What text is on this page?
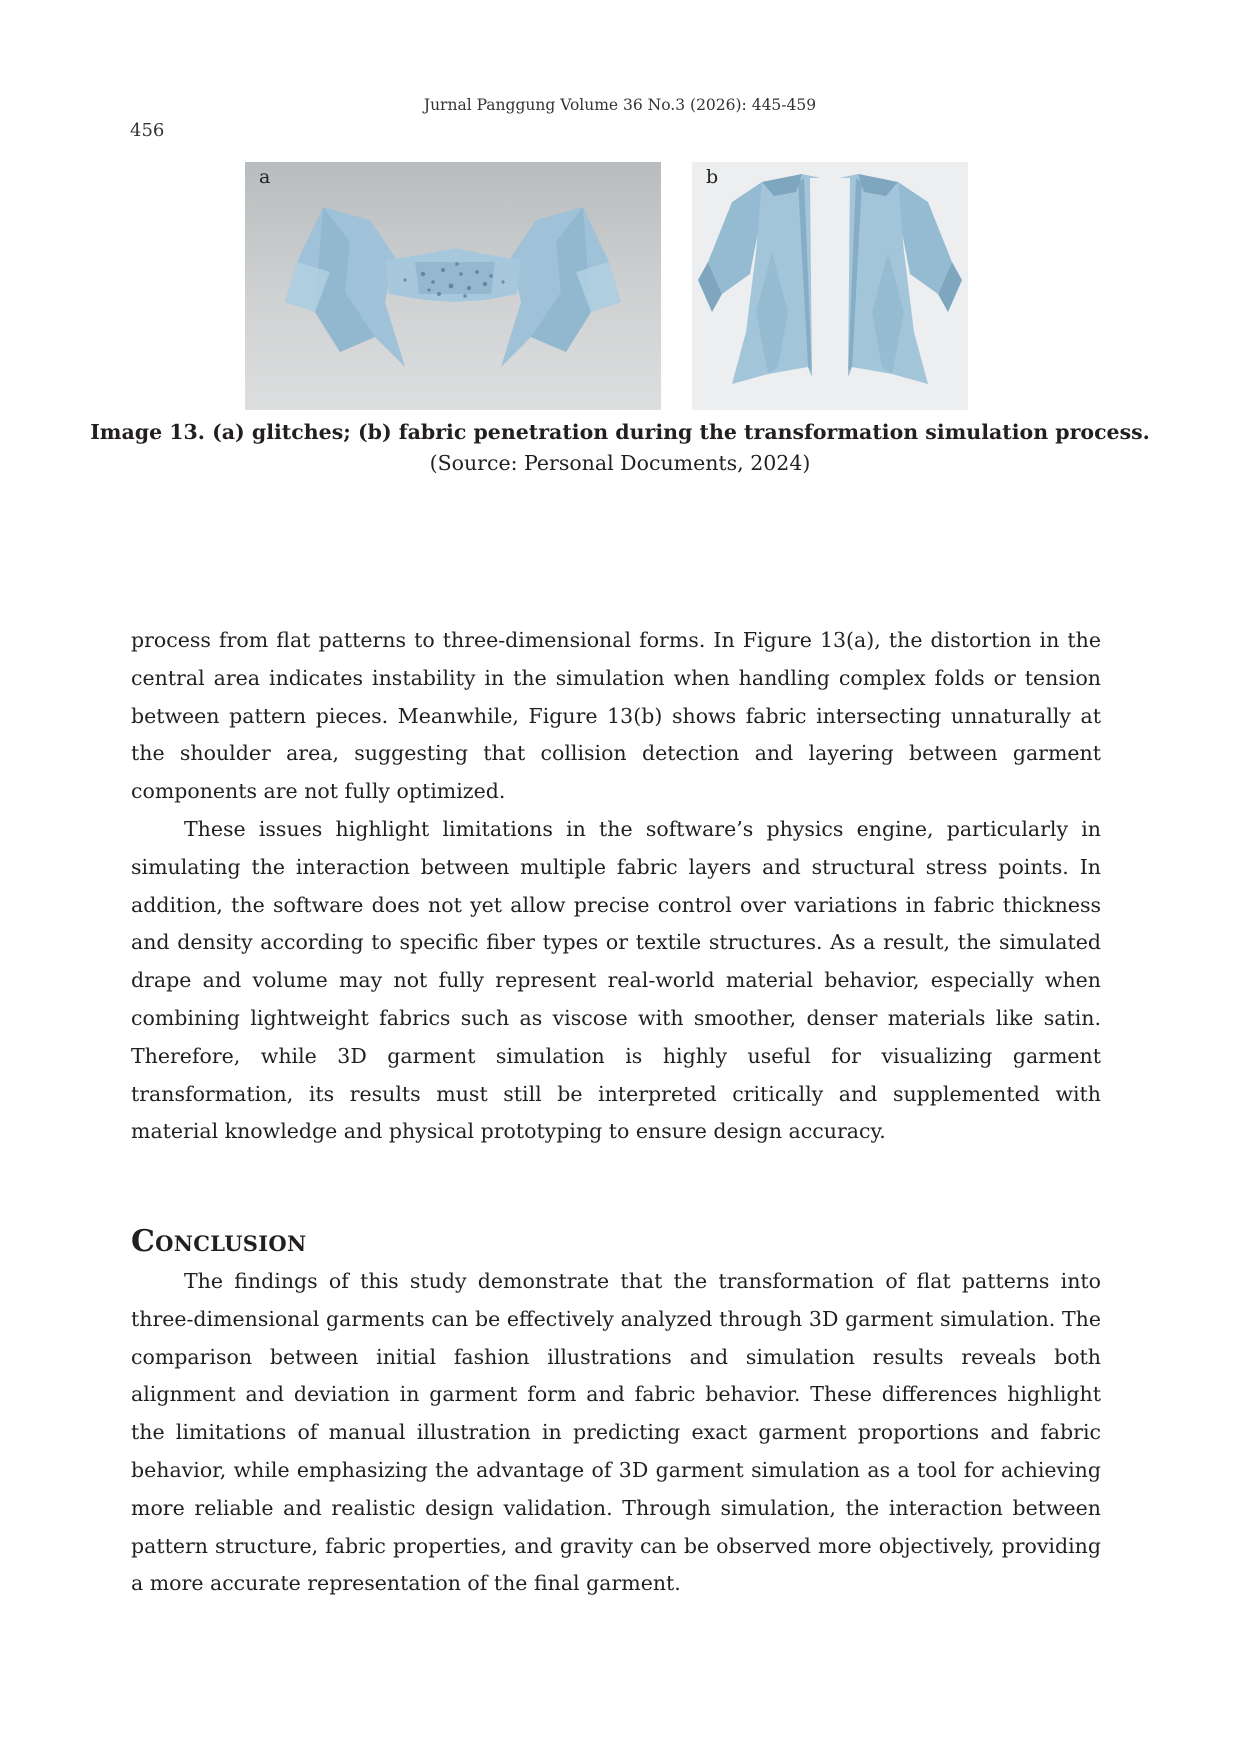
Jurnal Panggung Volume 36 No.3 (2026): 445-459
456
a	b
Image 13. (a) glitches; (b) fabric penetration during the transformation simulation process.
(Source: Personal Documents, 2024)

process from flat patterns to three-dimensional forms. In Figure 13(a), the distortion in the central area indicates instability in the simulation when handling complex folds or tension between pattern pieces. Meanwhile, Figure 13(b) shows fabric intersecting unnaturally at the shoulder area, suggesting that collision detection and layering between garment components are not fully optimized.

These issues highlight limitations in the software’s physics engine, particularly in simulating the interaction between multiple fabric layers and structural stress points. In addition, the software does not yet allow precise control over variations in fabric thickness and density according to specific fiber types or textile structures. As a result, the simulated drape and volume may not fully represent real-world material behavior, especially when combining lightweight fabrics such as viscose with smoother, denser materials like satin. Therefore, while 3D garment simulation is highly useful for visualizing garment transformation, its results must still be interpreted critically and supplemented with material knowledge and physical prototyping to ensure design accuracy.

Conclusion

The findings of this study demonstrate that the transformation of flat patterns into three-dimensional garments can be effectively analyzed through 3D garment simulation. The comparison between initial fashion illustrations and simulation results reveals both alignment and deviation in garment form and fabric behavior. These differences highlight the limitations of manual illustration in predicting exact garment proportions and fabric behavior, while emphasizing the advantage of 3D garment simulation as a tool for achieving more reliable and realistic design validation. Through simulation, the interaction between pattern structure, fabric properties, and gravity can be observed more objectively, providing a more accurate representation of the final garment.
